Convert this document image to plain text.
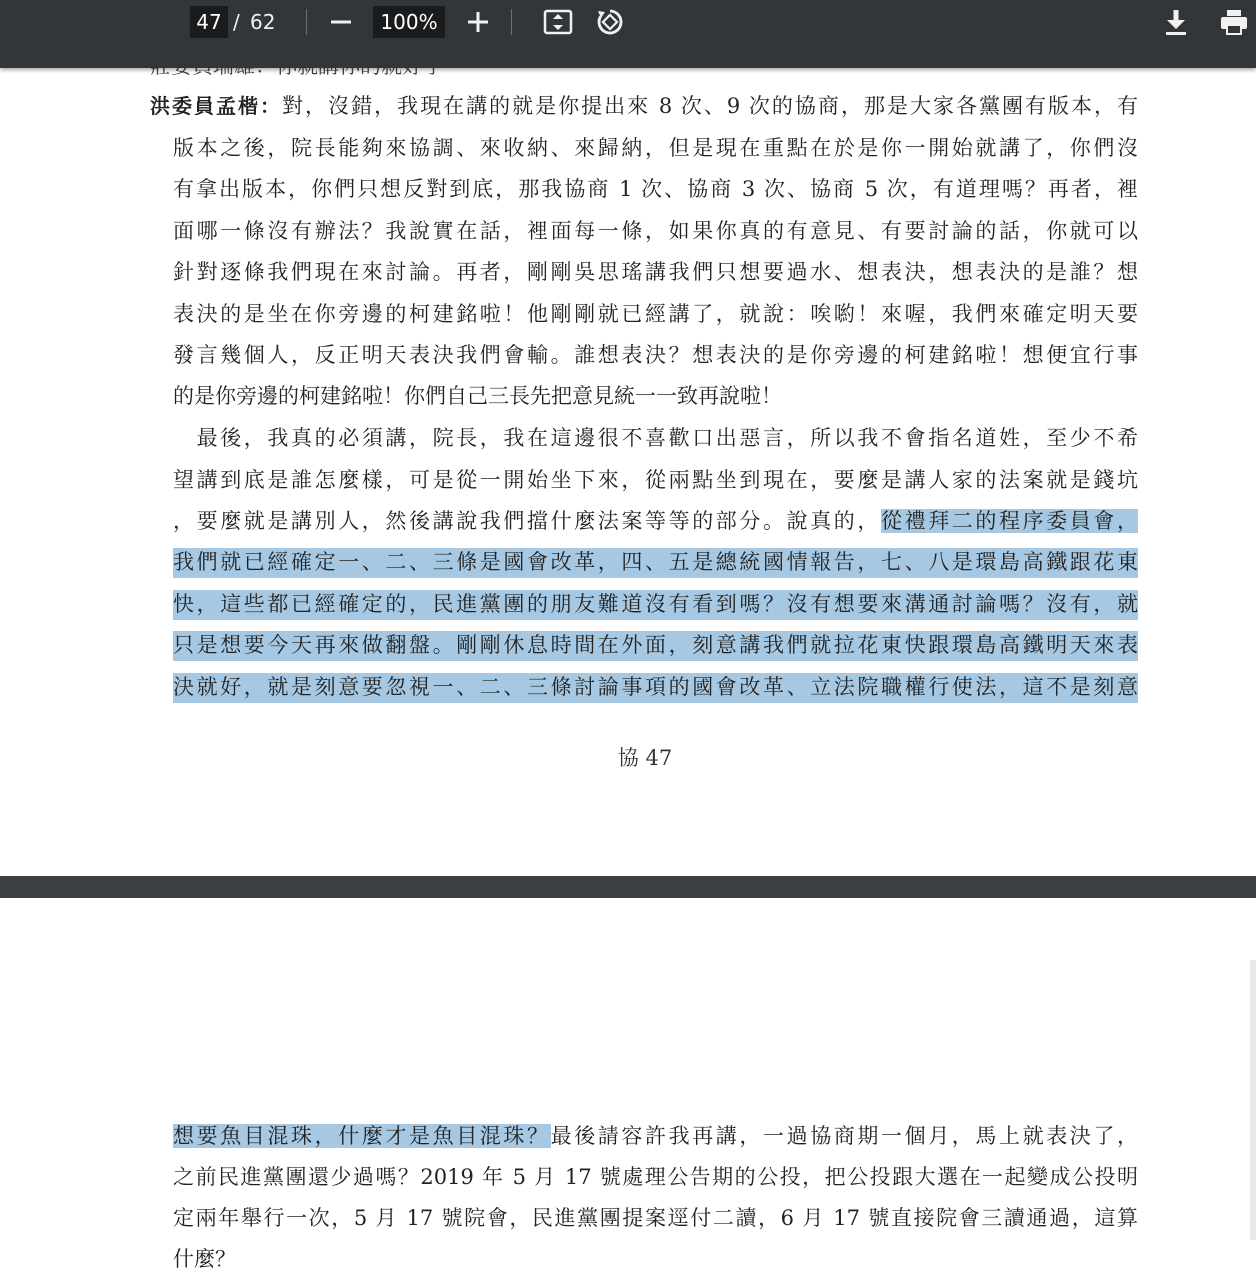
洪委員孟楷：對，沒錯，我現在講的就是你提出來 8 次、9 次的協商，那是大家各黨團有版本，有
版本之後，院長能夠來協調、來收納、來歸納，但是現在重點在於是你一開始就講了，你們沒
有拿出版本，你們只想反對到底，那我協商 1 次、協商 3 次、協商 5 次，有道理嗎？再者，裡
面哪一條沒有辦法？我說實在話，裡面每一條，如果你真的有意見、有要討論的話，你就可以
針對逐條我們現在來討論。再者，剛剛吳思瑤講我們只想要過水、想表決，想表決的是誰？想
表決的是坐在你旁邊的柯建銘啦！他剛剛就已經講了，就說：唉喲！來喔，我們來確定明天要
發言幾個人，反正明天表決我們會輸。誰想表決？想表決的是你旁邊的柯建銘啦！想便宜行事
的是你旁邊的柯建銘啦！你們自己三長先把意見統一一致再說啦！
　最後，我真的必須講，院長，我在這邊很不喜歡口出惡言，所以我不會指名道姓，至少不希
望講到底是誰怎麼樣，可是從一開始坐下來，從兩點坐到現在，要麼是講人家的法案就是錢坑
，要麼就是講別人，然後講說我們擋什麼法案等等的部分。說真的，從禮拜二的程序委員會，
我們就已經確定一、二、三條是國會改革，四、五是總統國情報告，七、八是環島高鐵跟花東
快，這些都已經確定的，民進黨團的朋友難道沒有看到嗎？沒有想要來溝通討論嗎？沒有，就
只是想要今天再來做翻盤。剛剛休息時間在外面，刻意講我們就拉花東快跟環島高鐵明天來表
決就好，就是刻意要忽視一、二、三條討論事項的國會改革、立法院職權行使法，這不是刻意
協 47
想要魚目混珠，什麼才是魚目混珠？最後請容許我再講，一過協商期一個月，馬上就表決了，
之前民進黨團還少過嗎？2019 年 5 月 17 號處理公告期的公投，把公投跟大選在一起變成公投明
定兩年舉行一次，5 月 17 號院會，民進黨團提案逕付二讀，6 月 17 號直接院會三讀通過，這算
什麼？
47 / 62	100%
